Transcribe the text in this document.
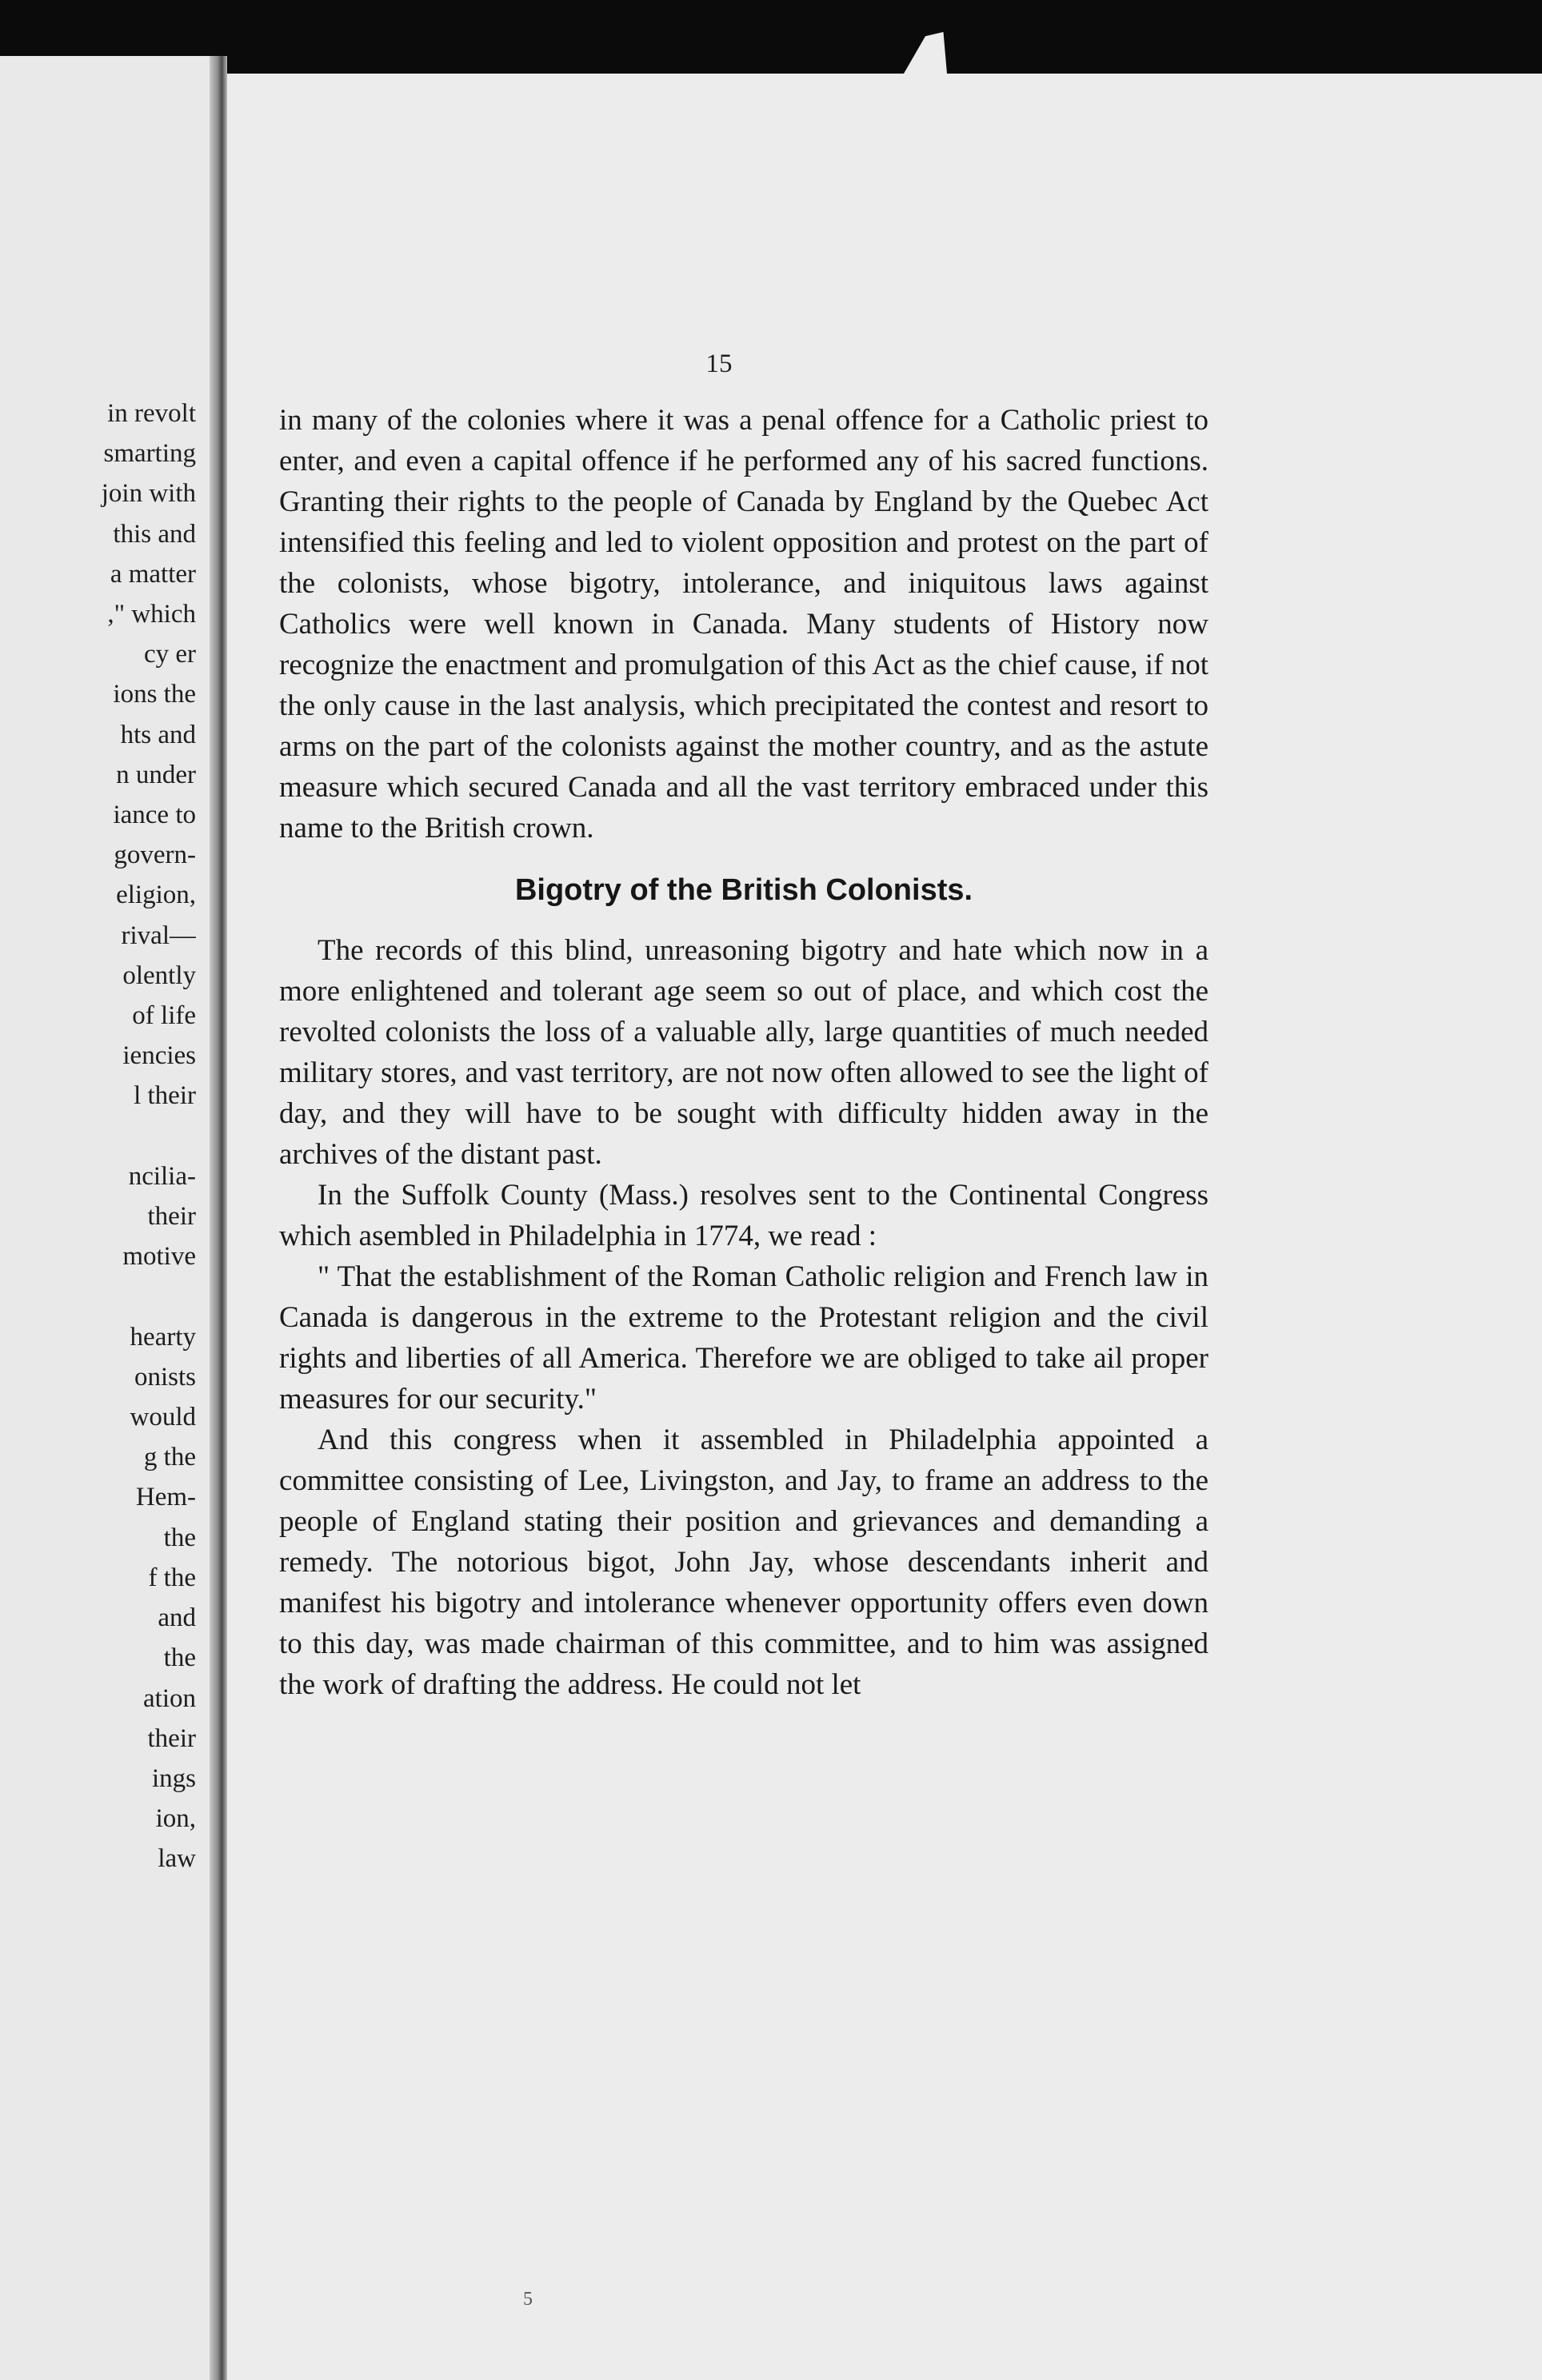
in revolt
smarting
join with
this and
a matter
," which
cy er
ions the
hts and
n under
iance to
govern-
eligion,
rival—
olently
of life
iencies
l their

ncilia-
their
motive

hearty
onists
would
g the
Hem-
the
f the
and
the
ation
their
ings
ion,
law
15

in many of the colonies where it was a penal offence for a Catholic priest to enter, and even a capital offence if he performed any of his sacred functions. Granting their rights to the people of Canada by England by the Quebec Act intensified this feeling and led to violent opposition and protest on the part of the colonists, whose bigotry, intolerance, and iniquitous laws against Catholics were well known in Canada. Many students of History now recognize the enactment and promulgation of this Act as the chief cause, if not the only cause in the last analysis, which precipitated the contest and resort to arms on the part of the colonists against the mother country, and as the astute measure which secured Canada and all the vast territory embraced under this name to the British crown.

Bigotry of the British Colonists.

The records of this blind, unreasoning bigotry and hate which now in a more enlightened and tolerant age seem so out of place, and which cost the revolted colonists the loss of a valuable ally, large quantities of much needed military stores, and vast territory, are not now often allowed to see the light of day, and they will have to be sought with difficulty hidden away in the archives of the distant past.

In the Suffolk County (Mass.) resolves sent to the Continental Congress which asembled in Philadelphia in 1774, we read :

" That the establishment of the Roman Catholic religion and French law in Canada is dangerous in the extreme to the Protestant religion and the civil rights and liberties of all America. Therefore we are obliged to take ail proper measures for our security."

And this congress when it assembled in Philadelphia appointed a committee consisting of Lee, Livingston, and Jay, to frame an address to the people of England stating their position and grievances and demanding a remedy. The notorious bigot, John Jay, whose descendants inherit and manifest his bigotry and intolerance whenever opportunity offers even down to this day, was made chairman of this committee, and to him was assigned the work of drafting the address. He could not let

5
